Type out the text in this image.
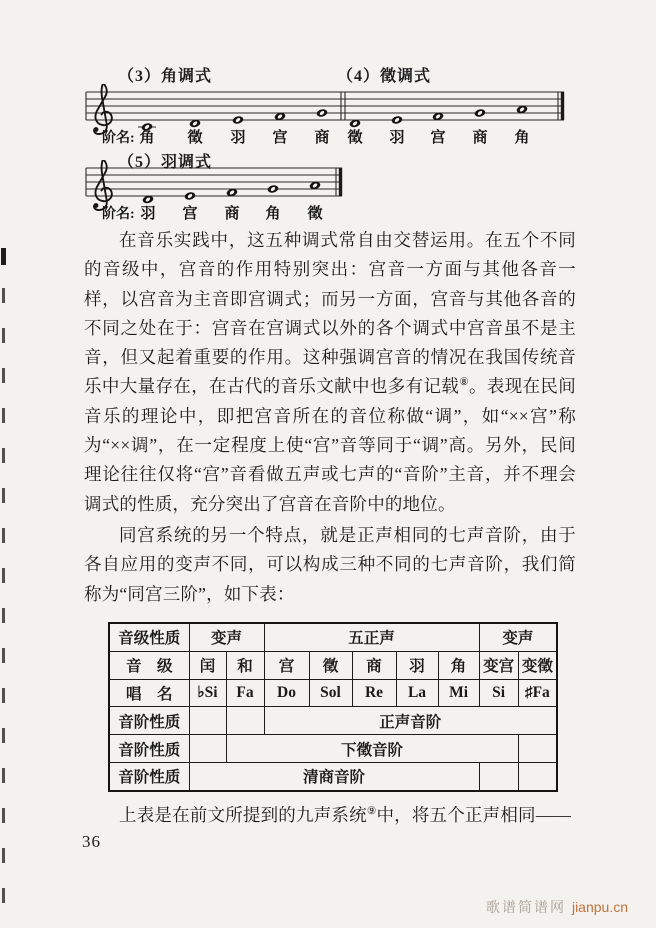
（3）角调式	（4）徵调式
阶名: 角 徵 羽 宫 商 徵 羽 宫 商 角
（5）羽调式
阶名: 羽 宫 商 角 徵

在音乐实践中，这五种调式常自由交替运用。在五个不同的音级中，宫音的作用特别突出：宫音一方面与其他各音一样，以宫音为主音即宫调式；而另一方面，宫音与其他各音的不同之处在于：宫音在宫调式以外的各个调式中宫音虽不是主音，但又起着重要的作用。这种强调宫音的情况在我国传统音乐中大量存在，在古代的音乐文献中也多有记载⑧。表现在民间音乐的理论中，即把宫音所在的音位称做“调”，如“××宫”称为“××调”，在一定程度上使“宫”音等同于“调”高。另外，民间理论往往仅将“宫”音看做五声或七声的“音阶”主音，并不理会调式的性质，充分突出了宫音在音阶中的地位。

同宫系统的另一个特点，就是正声相同的七声音阶，由于各自应用的变声不同，可以构成三种不同的七声音阶，我们简称为“同宫三阶”，如下表：

音级性质	变声		五正声					变声	
音　级	闰	和	宫	徵	商	羽	角	变宫	变徵
唱　名	♭Si	Fa	Do	Sol	Re	La	Mi	Si	♯Fa
音阶性质			正声音阶						
音阶性质		下徵音阶							
音阶性质	清商音阶								

上表是在前文所提到的九声系统⑨中，将五个正声相同——

36
歌谱简谱网 jianpu.cn
